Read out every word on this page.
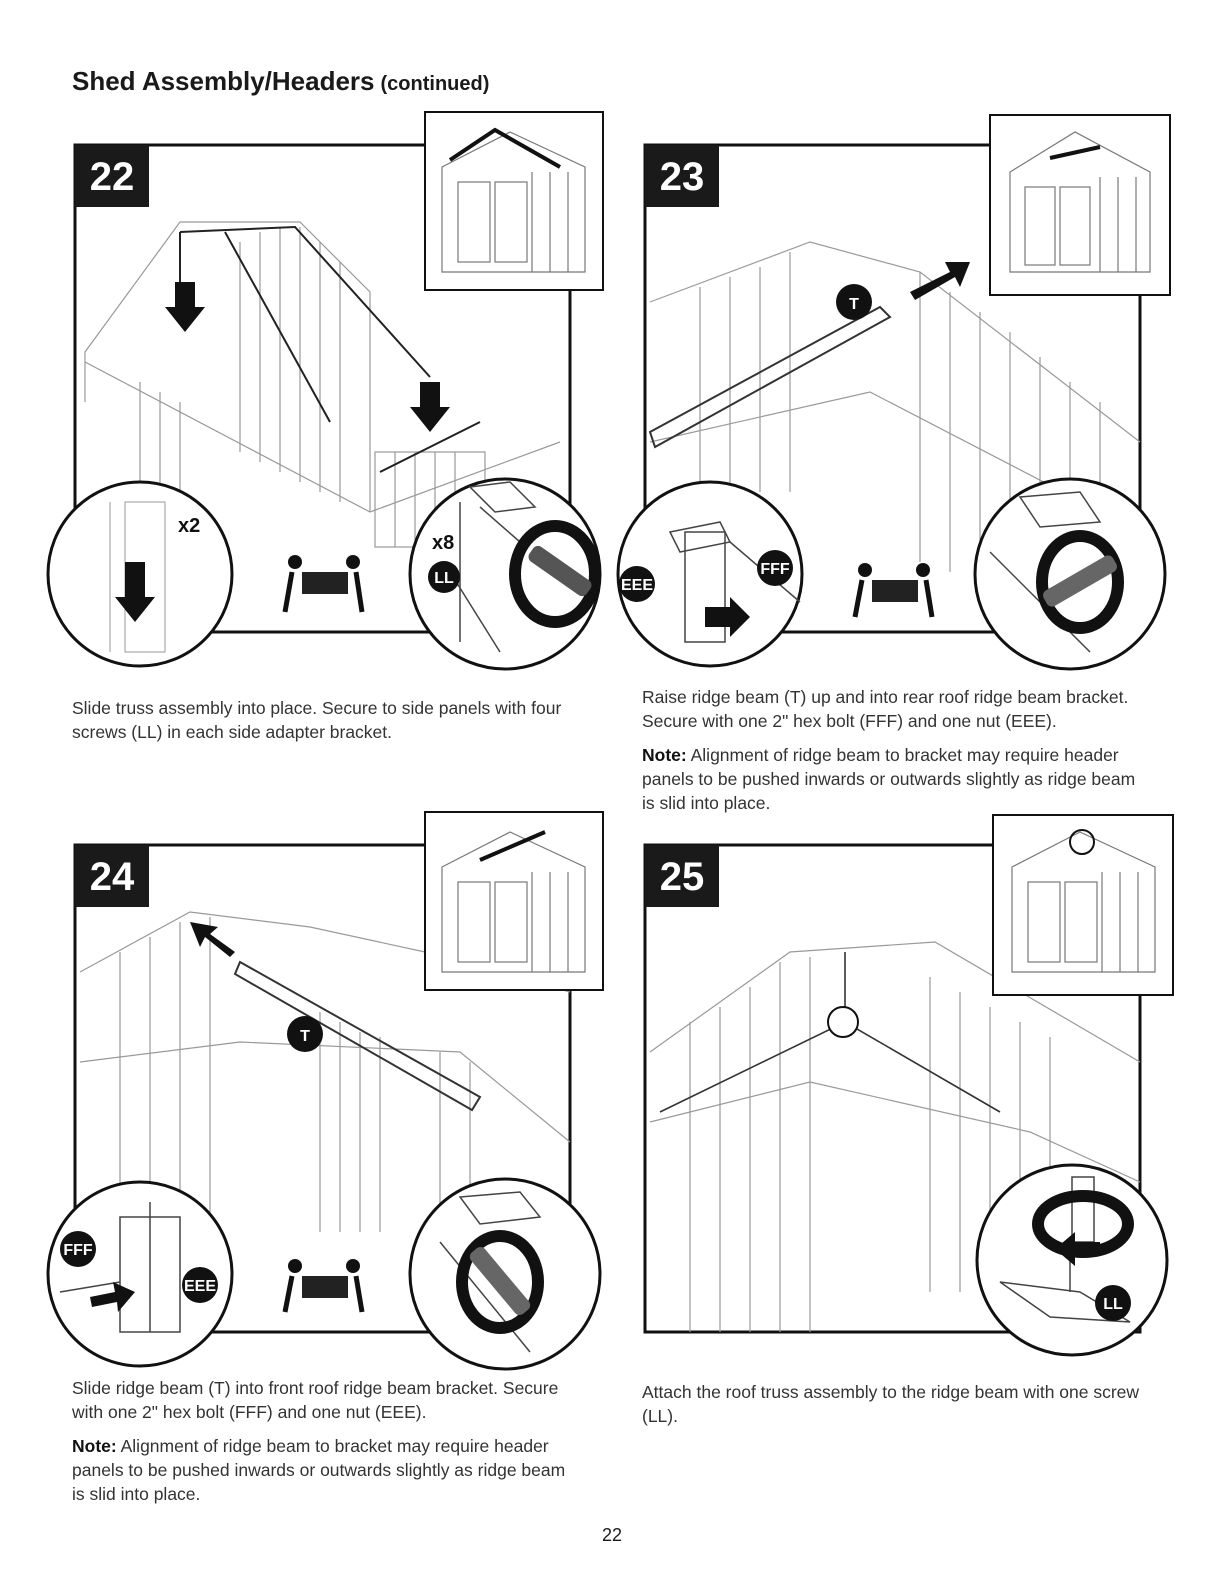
Shed Assembly/Headers (continued)
22
x2
LL
x8
T
23
EEE
FFF
T
24
FFF
EEE
25
LL

Slide truss assembly into place. Secure to side panels with four screws (LL) in each side adapter bracket.

Raise ridge beam (T) up and into rear roof ridge beam bracket. Secure with one 2" hex bolt (FFF) and one nut (EEE).

Note: Alignment of ridge beam to bracket may require header panels to be pushed inwards or outwards slightly as ridge beam is slid into place.

Slide ridge beam (T) into front roof ridge beam bracket. Secure with one 2" hex bolt (FFF) and one nut (EEE).

Note: Alignment of ridge beam to bracket may require header panels to be pushed inwards or outwards slightly as ridge beam is slid into place.

Attach the roof truss assembly to the ridge beam with one screw (LL).

22
